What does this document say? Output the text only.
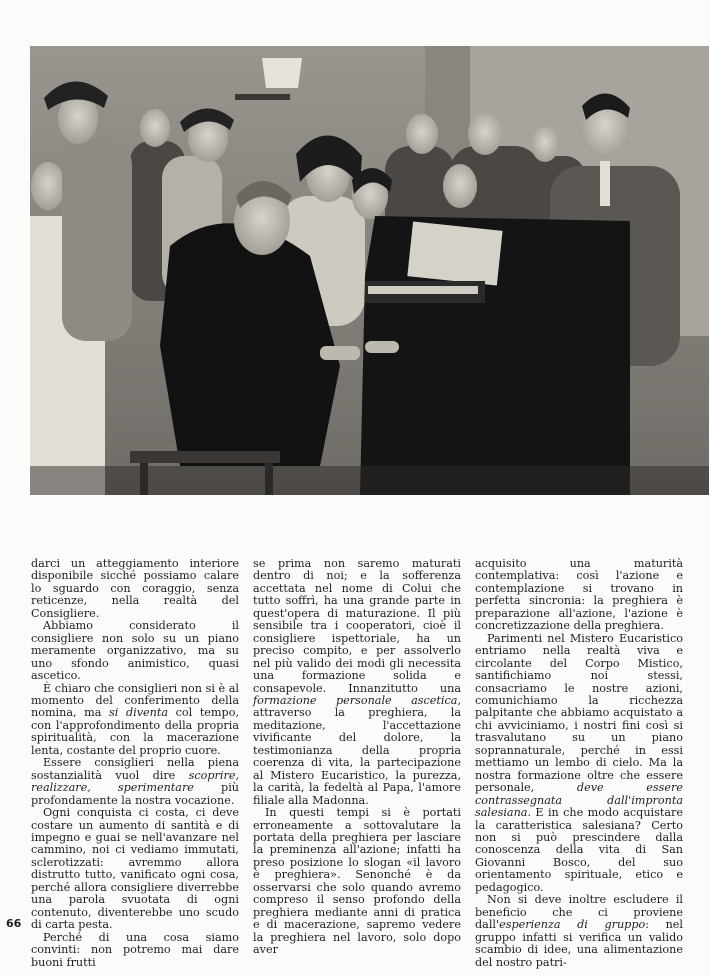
darci un atteggiamento interiore disponibile sicché possiamo calare lo sguardo con coraggio, senza reticenze, nella realtà del Consigliere.

Abbiamo considerato il consigliere non solo su un piano meramente organizzativo, ma su uno sfondo animistico, quasi ascetico.

È chiaro che consiglieri non si è al momento del conferimento della nomina, ma si diventa col tempo, con l'approfondimento della propria spiritualità, con la macerazione lenta, costante del proprio cuore.

Essere consiglieri nella piena sostanzialità vuol dire scoprire, realizzare, sperimentare più profondamente la nostra vocazione.

Ogni conquista ci costa, ci deve costare un aumento di santità e di impegno e guai se nell'avanzare nel cammino, noi ci vediamo immutati, sclerotizzati: avremmo allora distrutto tutto, vanificato ogni cosa, perché allora consigliere diverrebbe una parola svuotata di ogni contenuto, diventerebbe uno scudo di carta pesta.

Perché di una cosa siamo convinti: non potremo mai dare buoni frutti

se prima non saremo maturati dentro di noi; e la sofferenza accettata nel nome di Colui che tutto soffrì, ha una grande parte in quest'opera di maturazione. Il più sensibile tra i cooperatori, cioè il consigliere ispettoriale, ha un preciso compito, e per assolverlo nel più valido dei modi gli necessita una formazione solida e consapevole. Innanzitutto una formazione personale ascetica, attraverso la preghiera, la meditazione, l'accettazione vivificante del dolore, la testimonianza della propria coerenza di vita, la partecipazione al Mistero Eucaristico, la purezza, la carità, la fedeltà al Papa, l'amore filiale alla Madonna.

In questi tempi si è portati erroneamente a sottovalutare la portata della preghiera per lasciare la preminenza all'azione; infatti ha preso posizione lo slogan «il lavoro è preghiera». Senonché è da osservarsi che solo quando avremo compreso il senso profondo della preghiera mediante anni di pratica e di macerazione, sapremo vedere la preghiera nel lavoro, solo dopo aver

acquisito una maturità contemplativa: così l'azione e contemplazione si trovano in perfetta sincronia: la preghiera è preparazione all'azione, l'azione è concretizzazione della preghiera.

Parimenti nel Mistero Eucaristico entriamo nella realtà viva e circolante del Corpo Mistico, santifichiamo noi stessi, consacriamo le nostre azioni, comunichiamo la ricchezza palpitante che abbiamo acquistato a chi avviciniamo, i nostri fini così si trasvalutano su un piano soprannaturale, perché in essi mettiamo un lembo di cielo. Ma la nostra formazione oltre che essere personale,	deve essere contrassegnata dall'impronta salesiana. E in che modo acquistare la caratteristica salesiana? Certo non si può prescindere dalla conoscenza della vita di San Giovanni Bosco, del suo orientamento spirituale, etico e pedagogico.

Non si deve inoltre escludere il beneficio che ci proviene dall'esperienza di gruppo: nel gruppo infatti si verifica un valido scambio di idee, una alimentazione del nostro patri-

66
